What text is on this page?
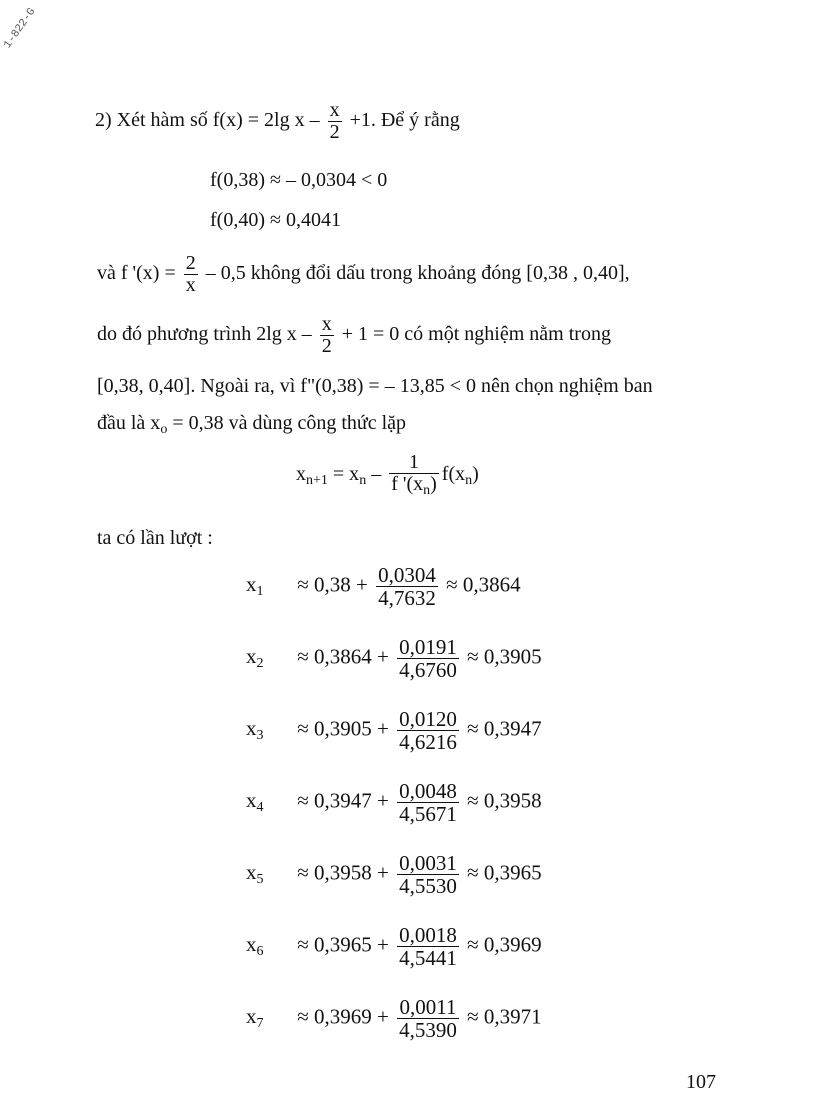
1-822-G
2) Xét hàm số f(x) = 2lg $x - \frac{x}{2} +1$. Để ý rằng
f(0,38) ≈ – 0,0304 < 0
f(0,40) ≈ 0,4041
và f '$(x) = \frac{2}{x} - 0,5$ không đổi dấu trong khoảng đóng [0,38 , 0,40],
do đó phương trình 2lg $x - \frac{x}{2} + 1 = 0$ có một nghiệm nằm trong
[0,38, 0,40]. Ngoài ra, vì f"(0,38) = – 13,85 < 0 nên chọn nghiệm ban
đầu là $x_o = 0,38$ và dùng công thức lặp
$x_{n+1} = x_n - \frac{1}{f '(x_n)} f(x_n)$
ta có lần lượt :
$x_1 \approx 0,38 + \frac{0,0304}{4,7632} \approx 0,3864$
$x_2 \approx 0,3864 + \frac{0,0191}{4,6760} \approx 0,3905$
$x_3 \approx 0,3905 + \frac{0,0120}{4,6216} \approx 0,3947$
$x_4 \approx 0,3947 + \frac{0,0048}{4,5671} \approx 0,3958$
$x_5 \approx 0,3958 + \frac{0,0031}{4,5530} \approx 0,3965$
$x_6 \approx 0,3965 + \frac{0,0018}{4,5441} \approx 0,3969$
$x_7 \approx 0,3969 + \frac{0,0011}{4,5390} \approx 0,3971$
107
